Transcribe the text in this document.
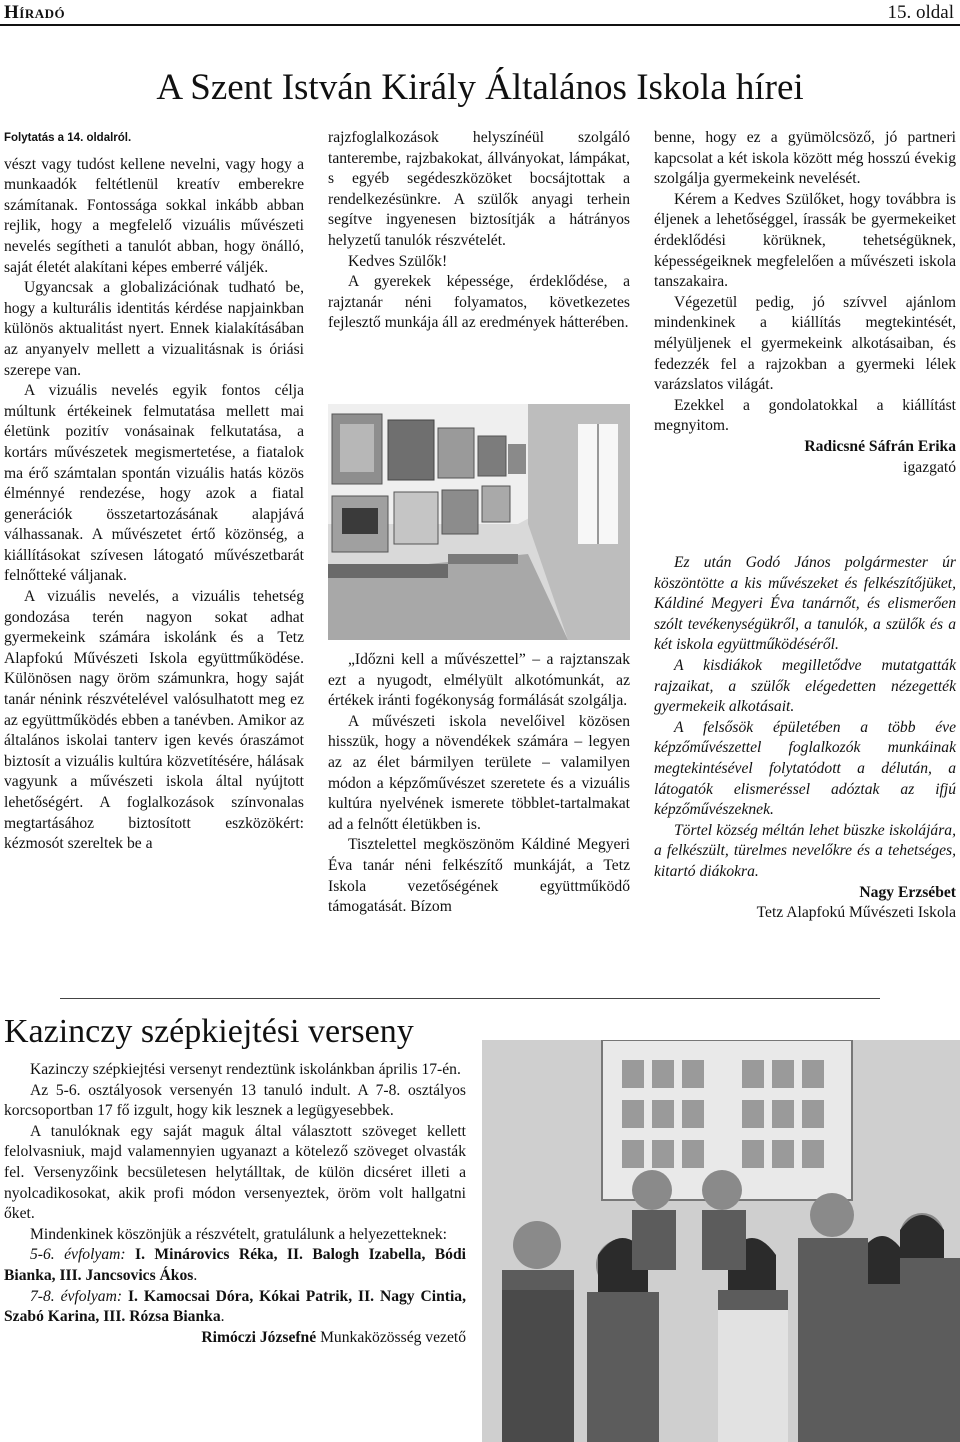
Híradó	15. oldal
A Szent István Király Általános Iskola hírei

Folytatás a 14. oldalról.

vészt vagy tudóst kellene nevelni, vagy hogy a munkaadók feltétlenül kreatív emberekre számítanak. Fontossága sokkal inkább abban rejlik, hogy a megfelelő vizuális művészeti nevelés segítheti a tanulót abban, hogy önálló, saját életét alakítani képes emberré váljék.

Ugyancsak a globalizációnak tudható be, hogy a kulturális identitás kérdése napjainkban különös aktualitást nyert. Ennek kialakításában az anyanyelv mellett a vizualitásnak is óriási szerepe van.

A vizuális nevelés egyik fontos célja múltunk értékeinek felmutatása mellett mai életünk pozitív vonásainak felkutatása, a kortárs művészetek megismertetése, a fiatalok ma érő számtalan spontán vizuális hatás közös élménnyé rendezése, hogy azok a fiatal generációk összetartozásának alapjává válhassanak. A művészetet értő közönség, a kiállításokat szívesen látogató művészetbarát felnőtteké váljanak.

A vizuális nevelés, a vizuális tehetség gondozása terén nagyon sokat adhat gyermekeink számára iskolánk és a Tetz Alapfokú Művészeti Iskola együttműködése. Különösen nagy öröm számunkra, hogy saját tanár nénink részvételével valósulhatott meg ez az együttműködés ebben a tanévben. Amikor az általános iskolai tanterv igen kevés óraszámot biztosít a vizuális kultúra közvetítésére, hálásak vagyunk a művészeti iskola által nyújtott lehetőségért. A foglalkozások színvonalas megtartásához biztosított eszközökért: kézmosót szereltek be a

rajzfoglalkozások helyszínéül szolgáló tanterembe, rajzbakokat, állványokat, lámpákat, s egyéb segédeszközöket bocsájtottak a rendelkezésünkre. A szülők anyagi terhein segítve ingyenesen biztosítják a hátrányos helyzetű tanulók részvételét.

Kedves Szülők!

A gyerekek képessége, érdeklődése, a rajztanár néni folyamatos, következetes fejlesztő munkája áll az eredmények hátterében.

„Időzni kell a művészettel” – a rajztanszak ezt a nyugodt, elmélyült alkotómunkát, az értékek iránti fogékonyság formálását szolgálja.

A művészeti iskola nevelőivel közösen hisszük, hogy a növendékek számára – legyen az az élet bármilyen területe – valamilyen módon a képzőművészet szeretete és a vizuális kultúra nyelvének ismerete többlet-tartalmakat ad a felnőtt életükben is.

Tisztelettel megköszönöm Káldiné Megyeri Éva tanár néni felkészítő munkáját, a Tetz Iskola vezetőségének együttműködő támogatását. Bízom

benne, hogy ez a gyümölcsöző, jó partneri kapcsolat a két iskola között még hosszú évekig szolgálja gyermekeink nevelését.

Kérem a Kedves Szülőket, hogy továbbra is éljenek a lehetőséggel, írassák be gyermekeiket érdeklődési körüknek, tehetségüknek, képességeiknek megfelelően a művészeti iskola tanszakaira.

Végezetül pedig, jó szívvel ajánlom mindenkinek a kiállítás megtekintését, mélyüljenek el gyermekeink alkotásaiban, és fedezzék fel a rajzokban a gyermeki lélek varázslatos világát.

Ezekkel a gondolatokkal a kiállítást megnyitom.

Radicsné Sáfrán Erika

igazgató

Ez után Godó János polgármester úr köszöntötte a kis művészeket és felkészítőjüket, Káldiné Megyeri Éva tanárnőt, és elismerően szólt tevékenységükről, a tanulók, a szülők és a két iskola együttműködéséről.

A kisdiákok megilletődve mutatgatták rajzaikat, a szülők elégedetten nézegették gyermekeik alkotásait.

A felsősök épületében a több éve képzőművészettel foglalkozók munkáinak megtekintésével folytatódott a délután, a látogatók elismeréssel adóztak az ifjú képzőművészeknek.

Törtel község méltán lehet büszke iskolájára, a felkészült, türelmes nevelőkre és a tehetséges, kitartó diákokra.

Nagy Erzsébet

Tetz Alapfokú Művészeti Iskola

Kazinczy szépkiejtési verseny

Kazinczy szépkiejtési versenyt rendeztünk iskolánkban április 17-én.

Az 5-6. osztályosok versenyén 13 tanuló indult. A 7-8. osztályos korcsoportban 17 fő izgult, hogy kik lesznek a legügyesebbek.

A tanulóknak egy saját maguk által választott szöveget kellett felolvasniuk, majd valamennyien ugyanazt a kötelező szöveget olvasták fel. Versenyzőink becsületesen helytálltak, de külön dicséret illeti a nyolcadikosokat, akik profi módon versenyeztek, öröm volt hallgatni őket.

Mindenkinek köszönjük a részvételt, gratulálunk a helyezetteknek:

5-6. évfolyam: I. Minárovics Réka, II. Balogh Izabella, Bódi Bianka, III. Jancsovics Ákos.

7-8. évfolyam: I. Kamocsai Dóra, Kókai Patrik, II. Nagy Cintia, Szabó Karina, III. Rózsa Bianka.

Rimóczi Józsefné Munkaközösség vezető
